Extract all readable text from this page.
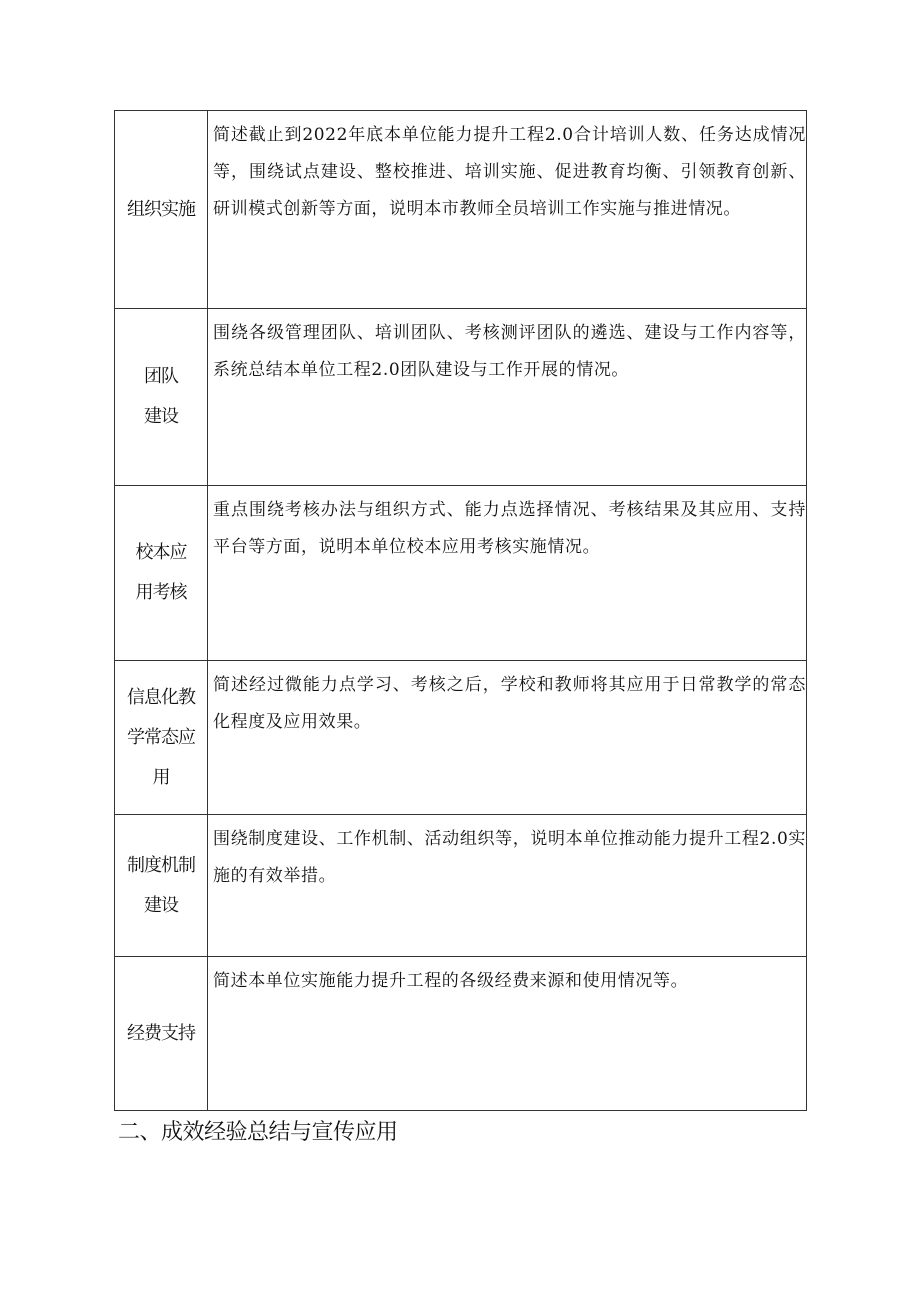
组织实施	简述截止到2022年底本单位能力提升工程2.0合计培训人数、任务达成情况等，围绕试点建设、整校推进、培训实施、促进教育均衡、引领教育创新、研训模式创新等方面，说明本市教师全员培训工作实施与推进情况。

团队
建设	围绕各级管理团队、培训团队、考核测评团队的遴选、建设与工作内容等，系统总结本单位工程2.0团队建设与工作开展的情况。

校本应
用考核	重点围绕考核办法与组织方式、能力点选择情况、考核结果及其应用、支持平台等方面，说明本单位校本应用考核实施情况。

信息化教
学常态应
用	简述经过微能力点学习、考核之后，学校和教师将其应用于日常教学的常态化程度及应用效果。

制度机制
建设	围绕制度建设、工作机制、活动组织等，说明本单位推动能力提升工程2.0实施的有效举措。

经费支持	简述本单位实施能力提升工程的各级经费来源和使用情况等。
二、成效经验总结与宣传应用
